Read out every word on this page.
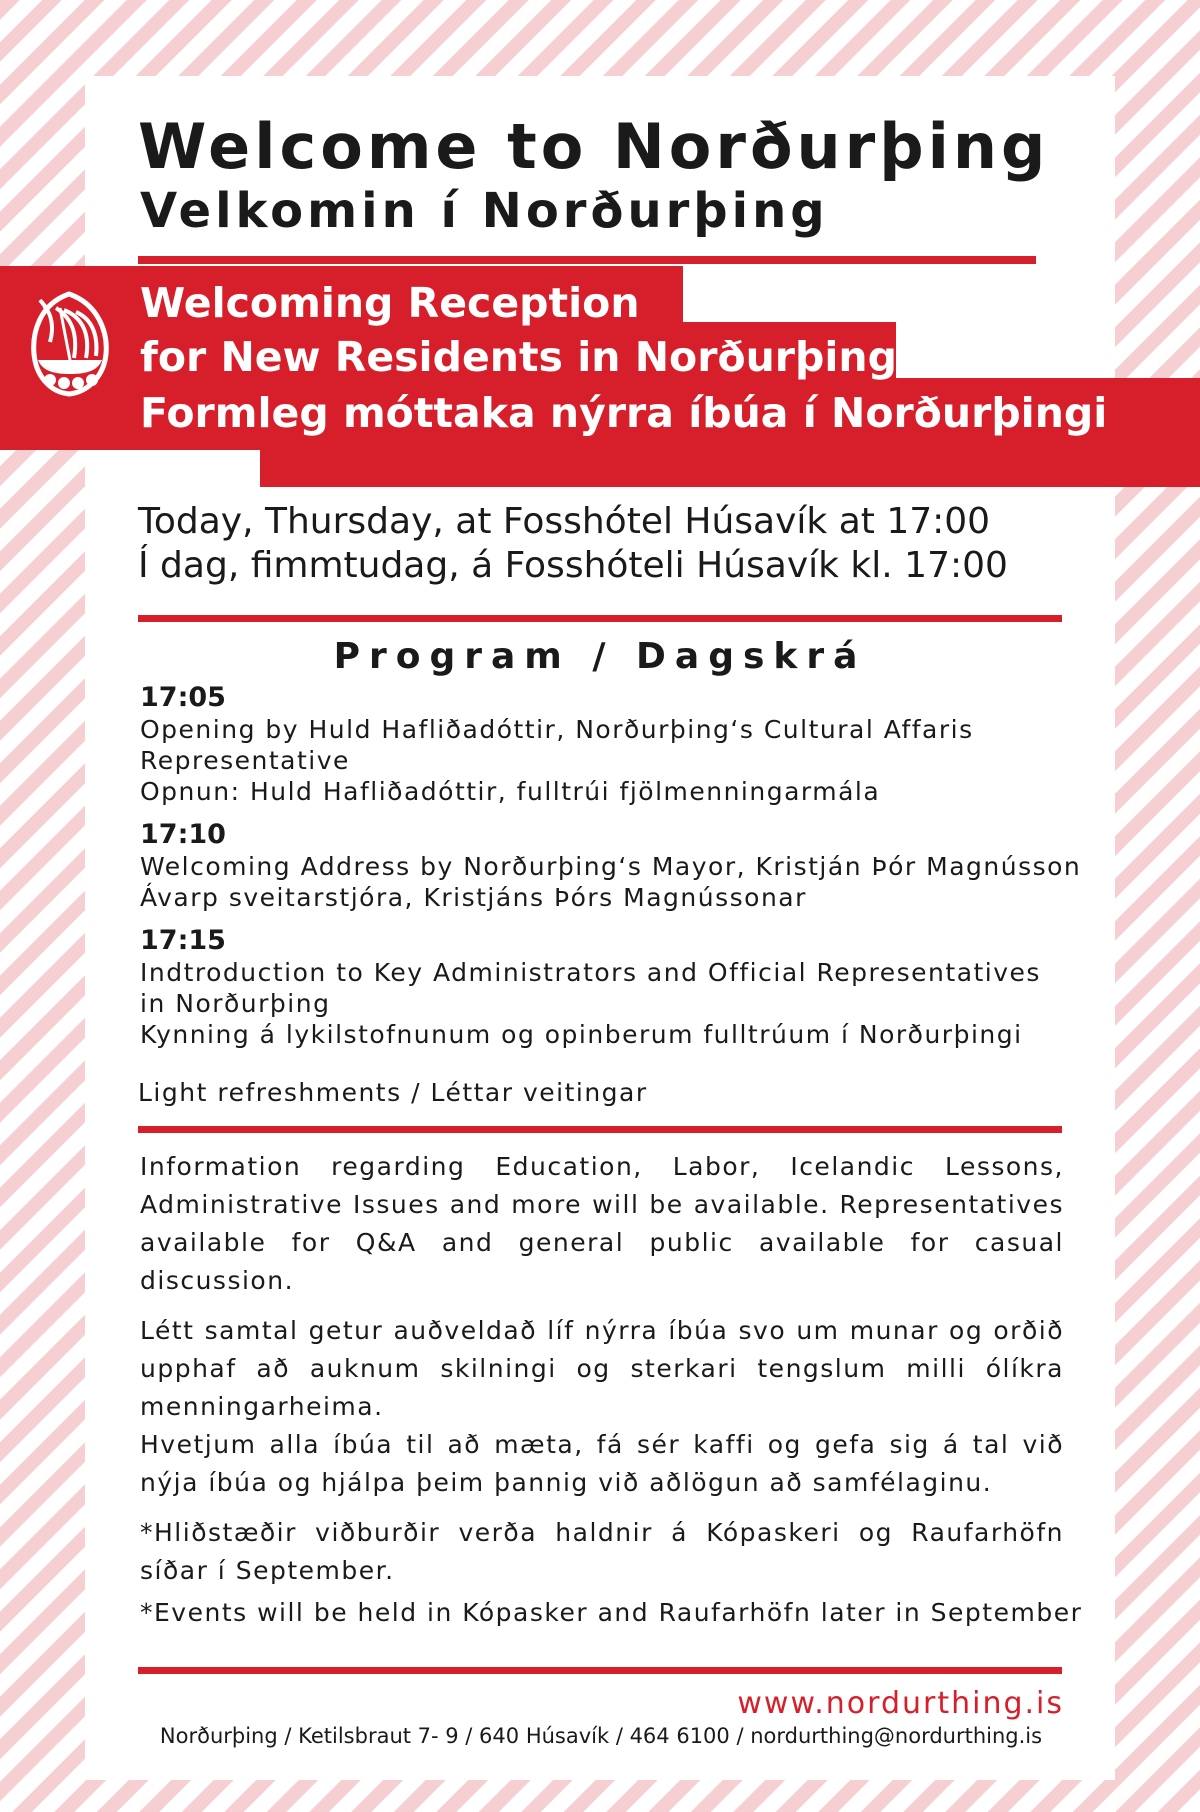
Welcome to Norðurþing
Velkomin í Norðurþing
Welcoming Reception
for New Residents in Norðurþing
Formleg móttaka nýrra íbúa í Norðurþingi
Today, Thursday, at Fosshótel Húsavík at 17:00
Í dag, fimmtudag, á Fosshóteli Húsavík kl. 17:00
Program / Dagskrá
17:05
Opening by Huld Hafliðadóttir, Norðurþing‘s Cultural Affaris
Representative
Opnun: Huld Hafliðadóttir, fulltrúi fjölmenningarmála
17:10
Welcoming Address by Norðurþing‘s Mayor, Kristján Þór Magnússon
Ávarp sveitarstjóra, Kristjáns Þórs Magnússonar
17:15
Indtroduction to Key Administrators and Official Representatives
in Norðurþing
Kynning á lykilstofnunum og opinberum fulltrúum í Norðurþingi
Light refreshments / Léttar veitingar

Information regarding Education, Labor, Icelandic Lessons, Administrative Issues and more will be available. Representatives available for Q&A and general public available for casual discussion.

Létt samtal getur auðveldað líf nýrra íbúa svo um munar og orðið upphaf að auknum skilningi og sterkari tengslum milli ólíkra menningarheima.

Hvetjum alla íbúa til að mæta, fá sér kaffi og gefa sig á tal við nýja íbúa og hjálpa þeim þannig við aðlögun að samfélaginu.

*Hliðstæðir viðburðir verða haldnir á Kópaskeri og Raufarhöfn síðar í September.

*Events will be held in Kópasker and Raufarhöfn later in September

www.nordurthing.is
Norðurþing / Ketilsbraut 7- 9 / 640 Húsavík / 464 6100 / nordurthing@nordurthing.is
